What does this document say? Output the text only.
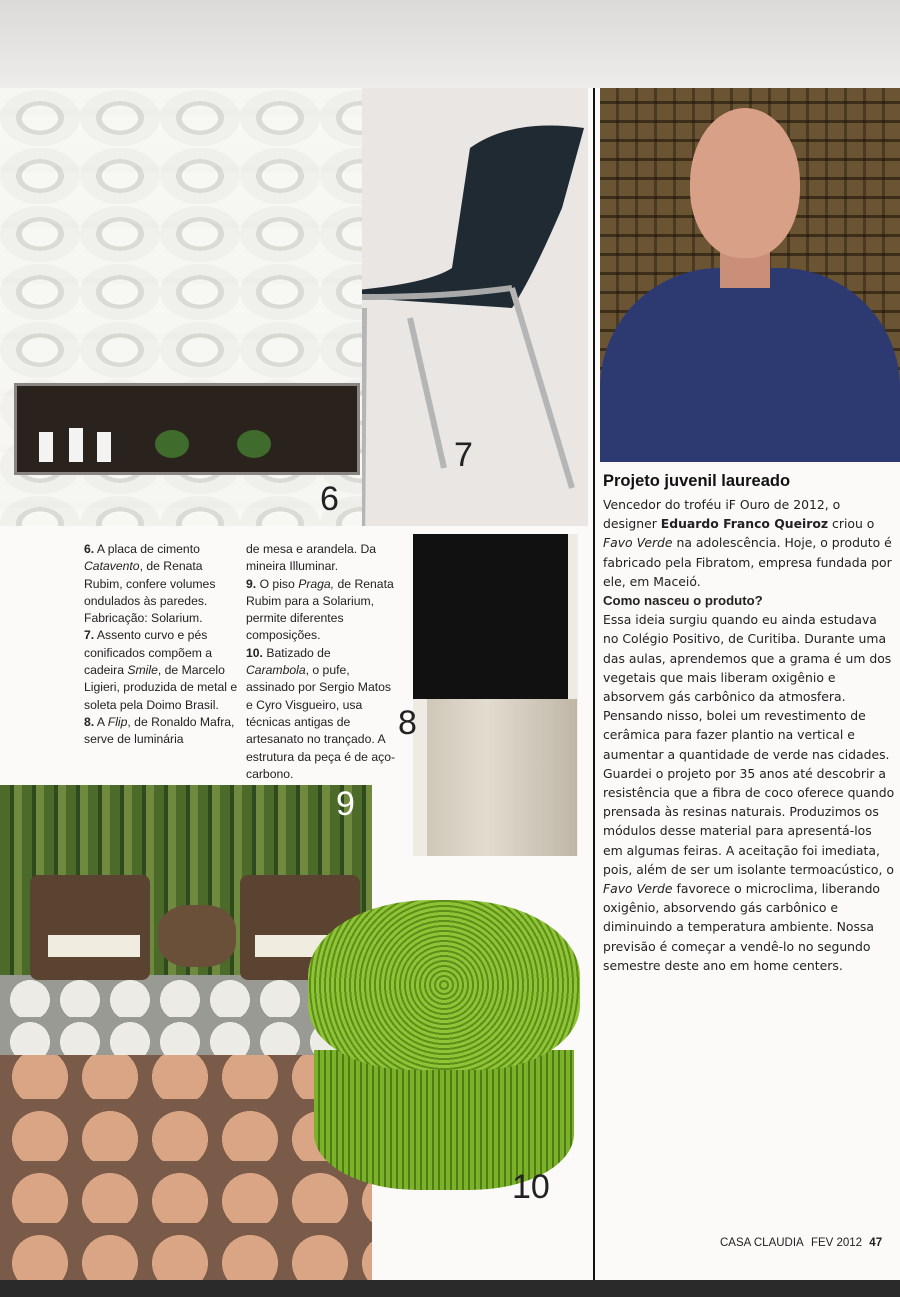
6
7
8
9
10

6. A placa de cimento Catavento, de Renata Rubim, confere volumes ondulados às paredes. Fabricação: Solarium.

7. Assento curvo e pés conificados compõem a cadeira Smile, de Marcelo Ligieri, produzida de metal e soleta pela Doimo Brasil.

8. A Flip, de Ronaldo Mafra, serve de luminária

de mesa e arandela. Da mineira Illuminar.

9. O piso Praga, de Renata Rubim para a Solarium, permite diferentes composições.

10. Batizado de Carambola, o pufe, assinado por Sergio Matos e Cyro Visgueiro, usa técnicas antigas de artesanato no trançado. A estrutura da peça é de aço-carbono.

Projeto juvenil laureado

Vencedor do troféu iF Ouro de 2012, o designer Eduardo Franco Queiroz criou o Favo Verde na adolescência. Hoje, o produto é fabricado pela Fibratom, empresa fundada por ele, em Maceió.

Como nasceu o produto?

Essa ideia surgiu quando eu ainda estudava no Colégio Positivo, de Curitiba. Durante uma das aulas, aprendemos que a grama é um dos vegetais que mais liberam oxigênio e absorvem gás carbônico da atmosfera. Pensando nisso, bolei um revestimento de cerâmica para fazer plantio na vertical e aumentar a quantidade de verde nas cidades. Guardei o projeto por 35 anos até descobrir a resistência que a fibra de coco oferece quando prensada às resinas naturais. Produzimos os módulos desse material para apresentá-los em algumas feiras. A aceitação foi imediata, pois, além de ser um isolante termoacústico, o Favo Verde favorece o microclima, liberando oxigênio, absorvendo gás carbônico e diminuindo a temperatura ambiente. Nossa previsão é começar a vendê-lo no segundo semestre deste ano em home centers.

CASA CLAUDIA FEV 2012 47
